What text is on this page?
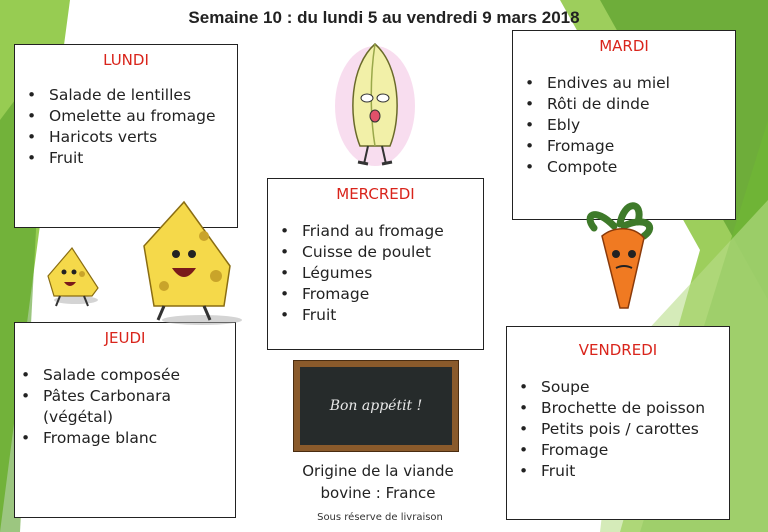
Semaine 10 : du lundi 5 au vendredi 9 mars 2018
LUNDI
• Salade de lentilles
• Omelette au fromage
• Haricots verts
• Fruit
MARDI
• Endives au miel
• Rôti de dinde
• Ebly
• Fromage
• Compote
MERCREDI
• Friand au fromage
• Cuisse de poulet
• Légumes
• Fromage
• Fruit
JEUDI
• Salade composée
• Pâtes Carbonara
(végétal)
• Fromage blanc
VENDREDI
• Soupe
• Brochette de poisson
• Petits pois / carottes
• Fromage
• Fruit
Bon appétit !
Origine de la viande
bovine : France
Sous réserve de livraison
